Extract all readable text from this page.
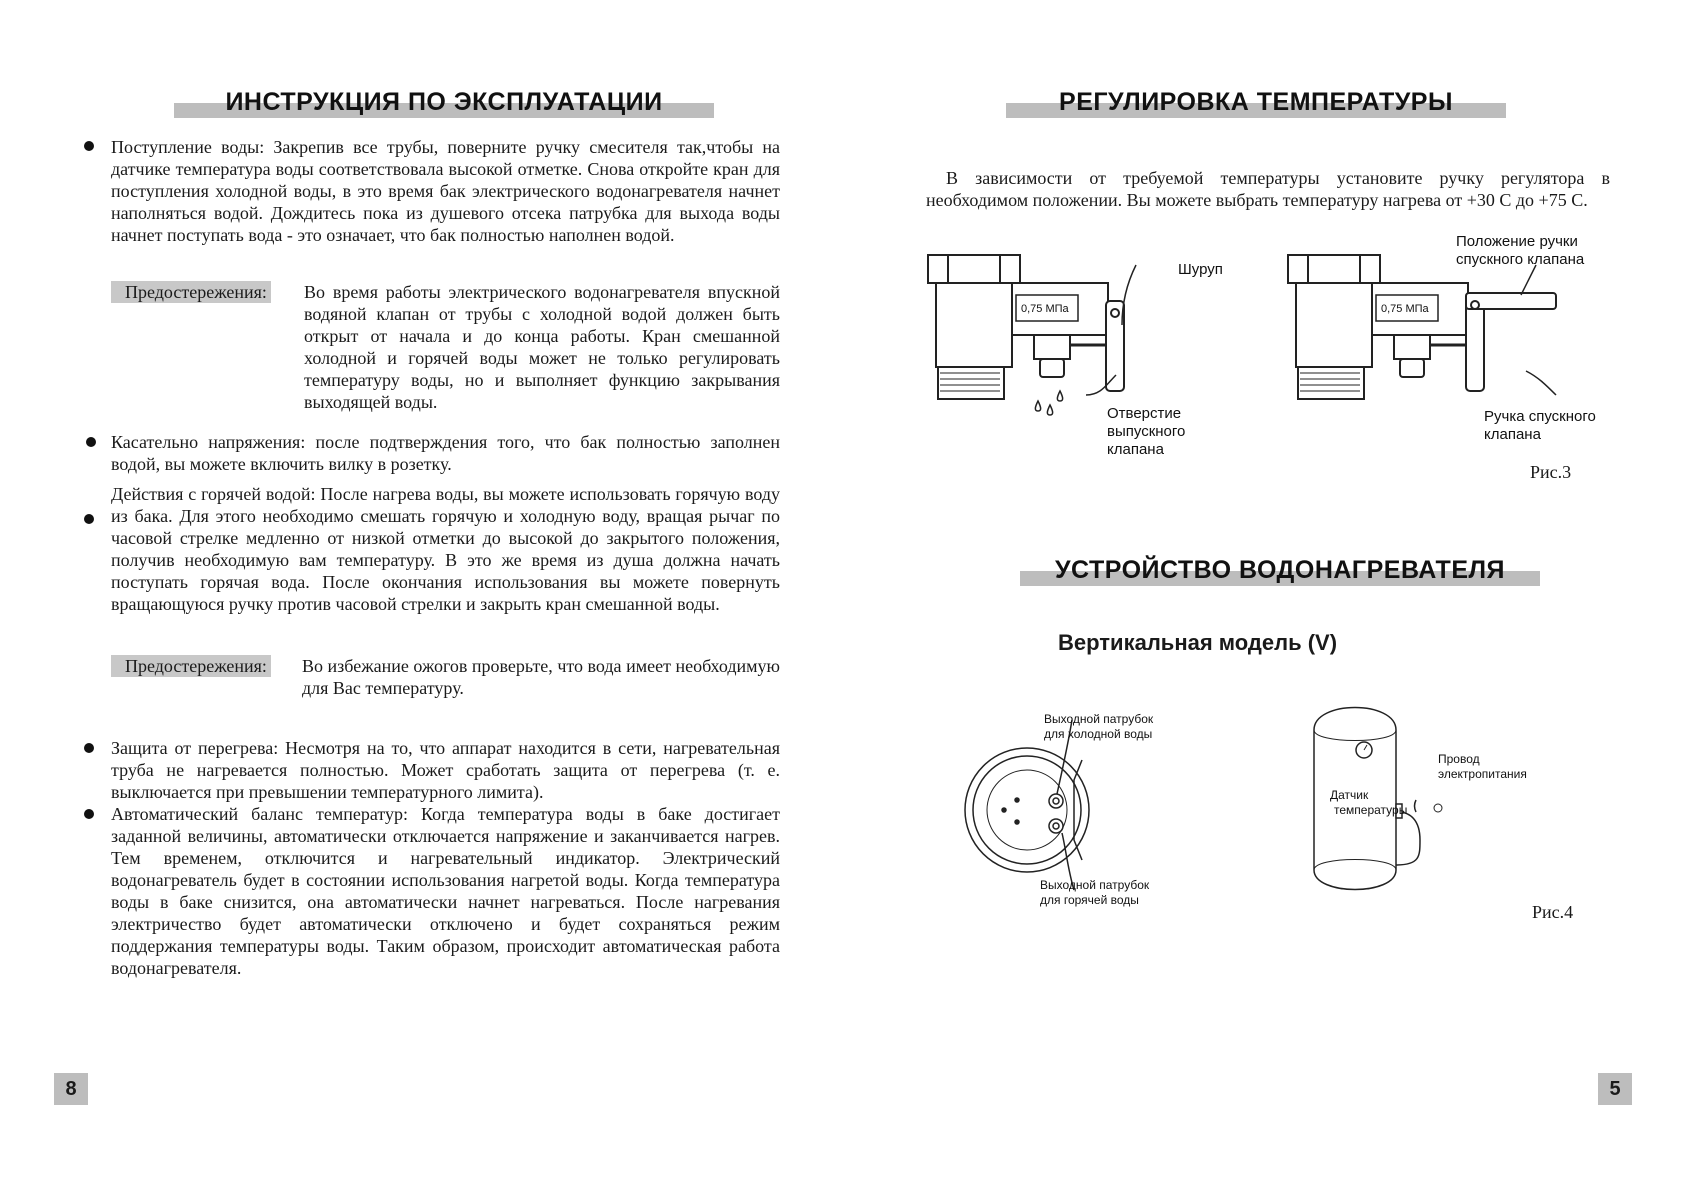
ИНСТРУКЦИЯ ПО ЭКСПЛУАТАЦИИ
Поступление воды: Закрепив все трубы, поверните ручку смесителя так,чтобы на датчике температура воды соответствовала высокой отметке. Снова откройте кран для поступления холодной воды, в это время бак электрического водонагревателя начнет наполняться водой. Дождитесь пока из душевого отсека патрубка для выхода воды начнет поступать вода - это означает, что бак полностью наполнен водой.
Предостережения: Во время работы электрического водонагревателя впускной водяной клапан от трубы с холодной водой должен быть открыт от начала и до конца работы. Кран смешанной холодной и горячей воды может не только регулировать температуру воды, но и выполняет функцию закрывания выходящей воды.
Касательно напряжения: после подтверждения того, что бак полностью заполнен водой, вы можете включить вилку в розетку.
Действия с горячей водой: После нагрева воды, вы можете использовать горячую воду из бака. Для этого необходимо смешать горячую и холодную воду, вращая рычаг по часовой стрелке медленно от низкой отметки до высокой до закрытого положения, получив необходимую вам температуру. В это же время из душа должна начать поступать горячая вода. После окончания использования вы можете повернуть вращающуюся ручку против часовой стрелки и закрыть кран смешанной воды.
Предостережения: Во избежание ожогов проверьте, что вода имеет необходимую для Вас температуру.
Защита от перегрева: Несмотря на то, что аппарат находится в сети, нагревательная труба не нагревается полностью. Может сработать защита от перегрева (т. е. выключается при превышении температурного лимита).
Автоматический баланс температур: Когда температура воды в баке достигает заданной величины, автоматически отключается напряжение и заканчивается нагрев. Тем временем, отключится и нагревательный индикатор. Электрический водонагреватель будет в состоянии использования нагретой воды. Когда температура воды в баке снизится, она автоматически начнет нагреваться. После нагревания электричество будет автоматически отключено и будет сохраняться режим поддержания температуры воды. Таким образом, происходит автоматическая работа водонагревателя.
8
РЕГУЛИРОВКА ТЕМПЕРАТУРЫ
В зависимости от требуемой температуры установите ручку регулятора в необходимом положении. Вы можете выбрать температуру нагрева от +30 С до +75 С.
0,75 МПа	0,75 МПа
Шуруп
Отверстие
выпускного
клапана
Положение ручки
спускного клапана
Ручка спускного
клапана
Рис.3
УСТРОЙСТВО ВОДОНАГРЕВАТЕЛЯ
Вертикальная модель (V)
Выходной патрубок
для холодной воды
Выходной патрубок
для горячей воды
Провод
электропитания
Датчик
температуры
Рис.4
5
